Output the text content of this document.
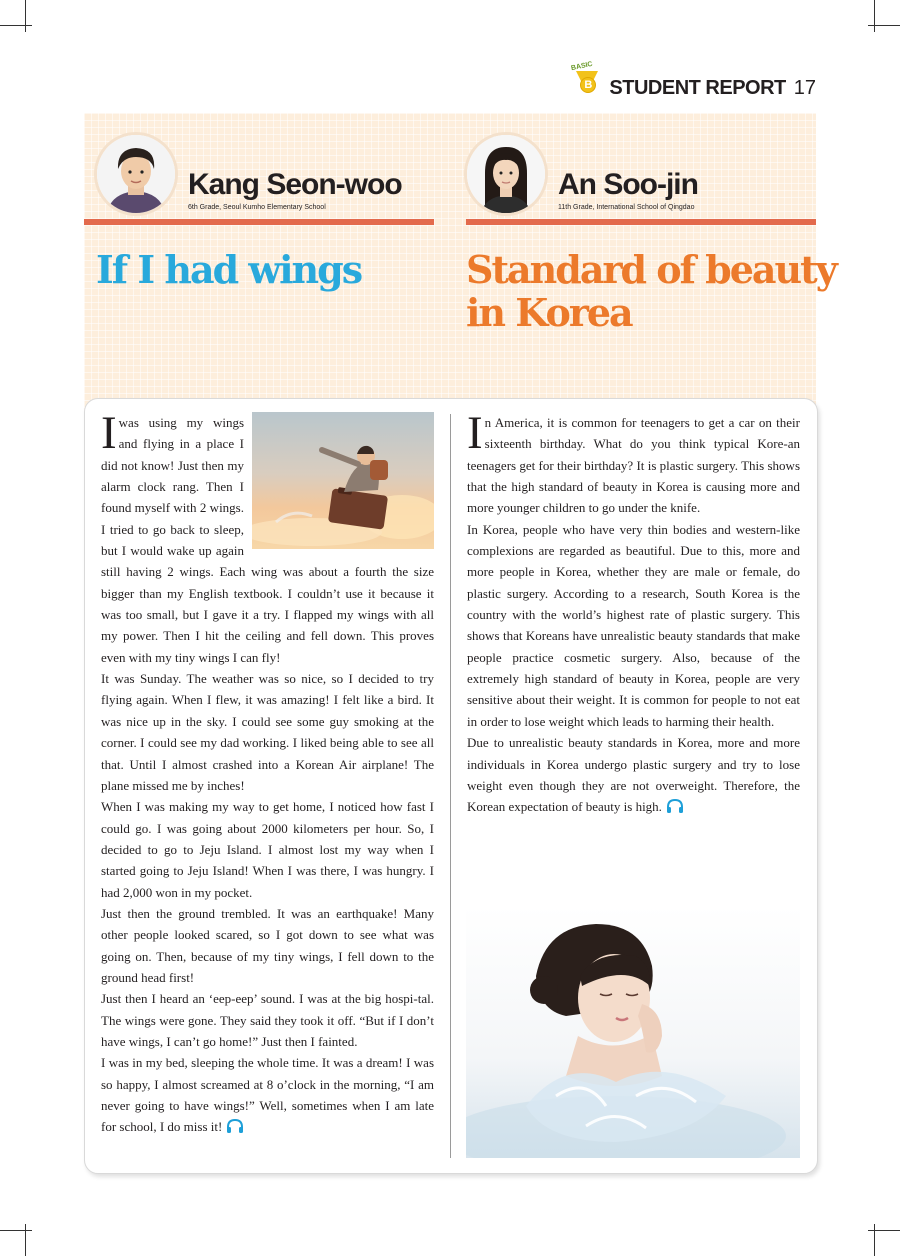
BASIC
B STUDENT REPORT 17
Kang Seon-woo
6th Grade, Seoul Kumho Elementary School
An Soo-jin
11th Grade, International School of Qingdao
If I had wings	Standard of beauty
in Korea

Iwas using my wings and flying in a place I did not know! Just then my alarm clock rang. Then I found myself with 2 wings. I tried to go back to sleep, but I would wake up again still having 2 wings. Each wing was about a fourth the size bigger than my English textbook. I couldn’t use it because it was too small, but I gave it a try. I flapped my wings with all my power. Then I hit the ceiling and fell down. This proves even with my tiny wings I can fly!

It was Sunday. The weather was so nice, so I decided to try flying again. When I flew, it was amazing! I felt like a bird. It was nice up in the sky. I could see some guy smoking at the corner. I could see my dad working. I liked being able to see all that. Until I almost crashed into a Korean Air airplane! The plane missed me by inches!

When I was making my way to get home, I noticed how fast I could go. I was going about 2000 kilometers per hour. So, I decided to go to Jeju Island. I almost lost my way when I started going to Jeju Island! When I was there, I was hungry. I had 2,000 won in my pocket.

Just then the ground trembled. It was an earthquake! Many other people looked scared, so I got down to see what was going on. Then, because of my tiny wings, I fell down to the ground head first!

Just then I heard an ‘eep-eep’ sound. I was at the big hospi-tal. The wings were gone. They said they took it off. “But if I don’t have wings, I can’t go home!” Just then I fainted.

I was in my bed, sleeping the whole time. It was a dream! I was so happy, I almost screamed at 8 o’clock in the morning, “I am never going to have wings!” Well, sometimes when I am late for school, I do miss it!

In America, it is common for teenagers to get a car on their sixteenth birthday. What do you think typical Kore-an teenagers get for their birthday? It is plastic surgery. This shows that the high standard of beauty in Korea is causing more and more younger children to go under the knife.

In Korea, people who have very thin bodies and western-like complexions are regarded as beautiful. Due to this, more and more people in Korea, whether they are male or female, do plastic surgery. According to a research, South Korea is the country with the world’s highest rate of plastic surgery. This shows that Koreans have unrealistic beauty standards that make people practice cosmetic surgery. Also, because of the extremely high standard of beauty in Korea, people are very sensitive about their weight. It is common for people to not eat in order to lose weight which leads to harming their health.

Due to unrealistic beauty standards in Korea, more and more individuals in Korea undergo plastic surgery and try to lose weight even though they are not overweight. Therefore, the Korean expectation of beauty is high.
